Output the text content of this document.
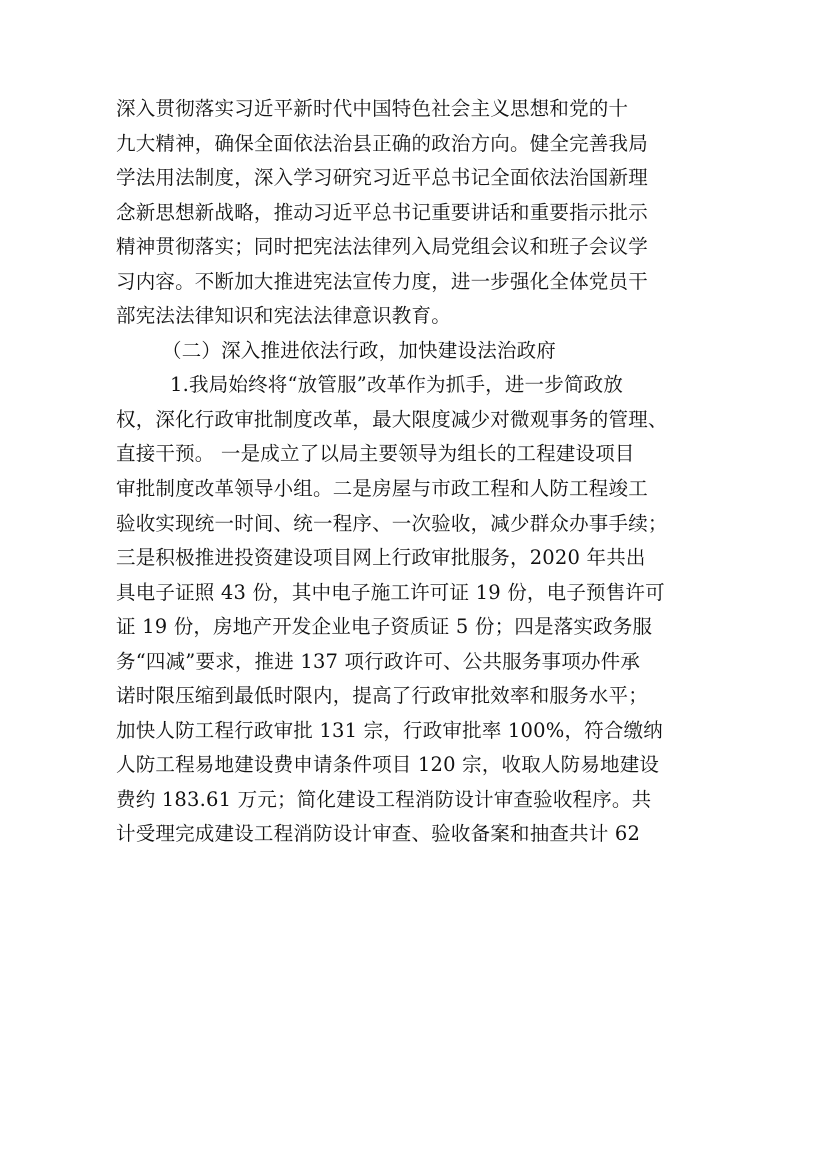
深入贯彻落实习近平新时代中国特色社会主义思想和党的十
九大精神，确保全面依法治县正确的政治方向。健全完善我局
学法用法制度，深入学习研究习近平总书记全面依法治国新理
念新思想新战略，推动习近平总书记重要讲话和重要指示批示
精神贯彻落实；同时把宪法法律列入局党组会议和班子会议学
习内容。不断加大推进宪法宣传力度，进一步强化全体党员干
部宪法法律知识和宪法法律意识教育。
（二）深入推进依法行政，加快建设法治政府
1.我局始终将“放管服”改革作为抓手，进一步简政放
权，深化行政审批制度改革，最大限度减少对微观事务的管理、
直接干预。 一是成立了以局主要领导为组长的工程建设项目
审批制度改革领导小组。二是房屋与市政工程和人防工程竣工
验收实现统一时间、统一程序、一次验收，减少群众办事手续；
三是积极推进投资建设项目网上行政审批服务，2020 年共出
具电子证照 43 份，其中电子施工许可证 19 份，电子预售许可
证 19 份，房地产开发企业电子资质证 5 份；四是落实政务服
务“四减”要求，推进 137 项行政许可、公共服务事项办件承
诺时限压缩到最低时限内，提高了行政审批效率和服务水平；
加快人防工程行政审批 131 宗，行政审批率 100%，符合缴纳
人防工程易地建设费申请条件项目 120 宗，收取人防易地建设
费约 183.61 万元；简化建设工程消防设计审查验收程序。共
计受理完成建设工程消防设计审查、验收备案和抽查共计 62
